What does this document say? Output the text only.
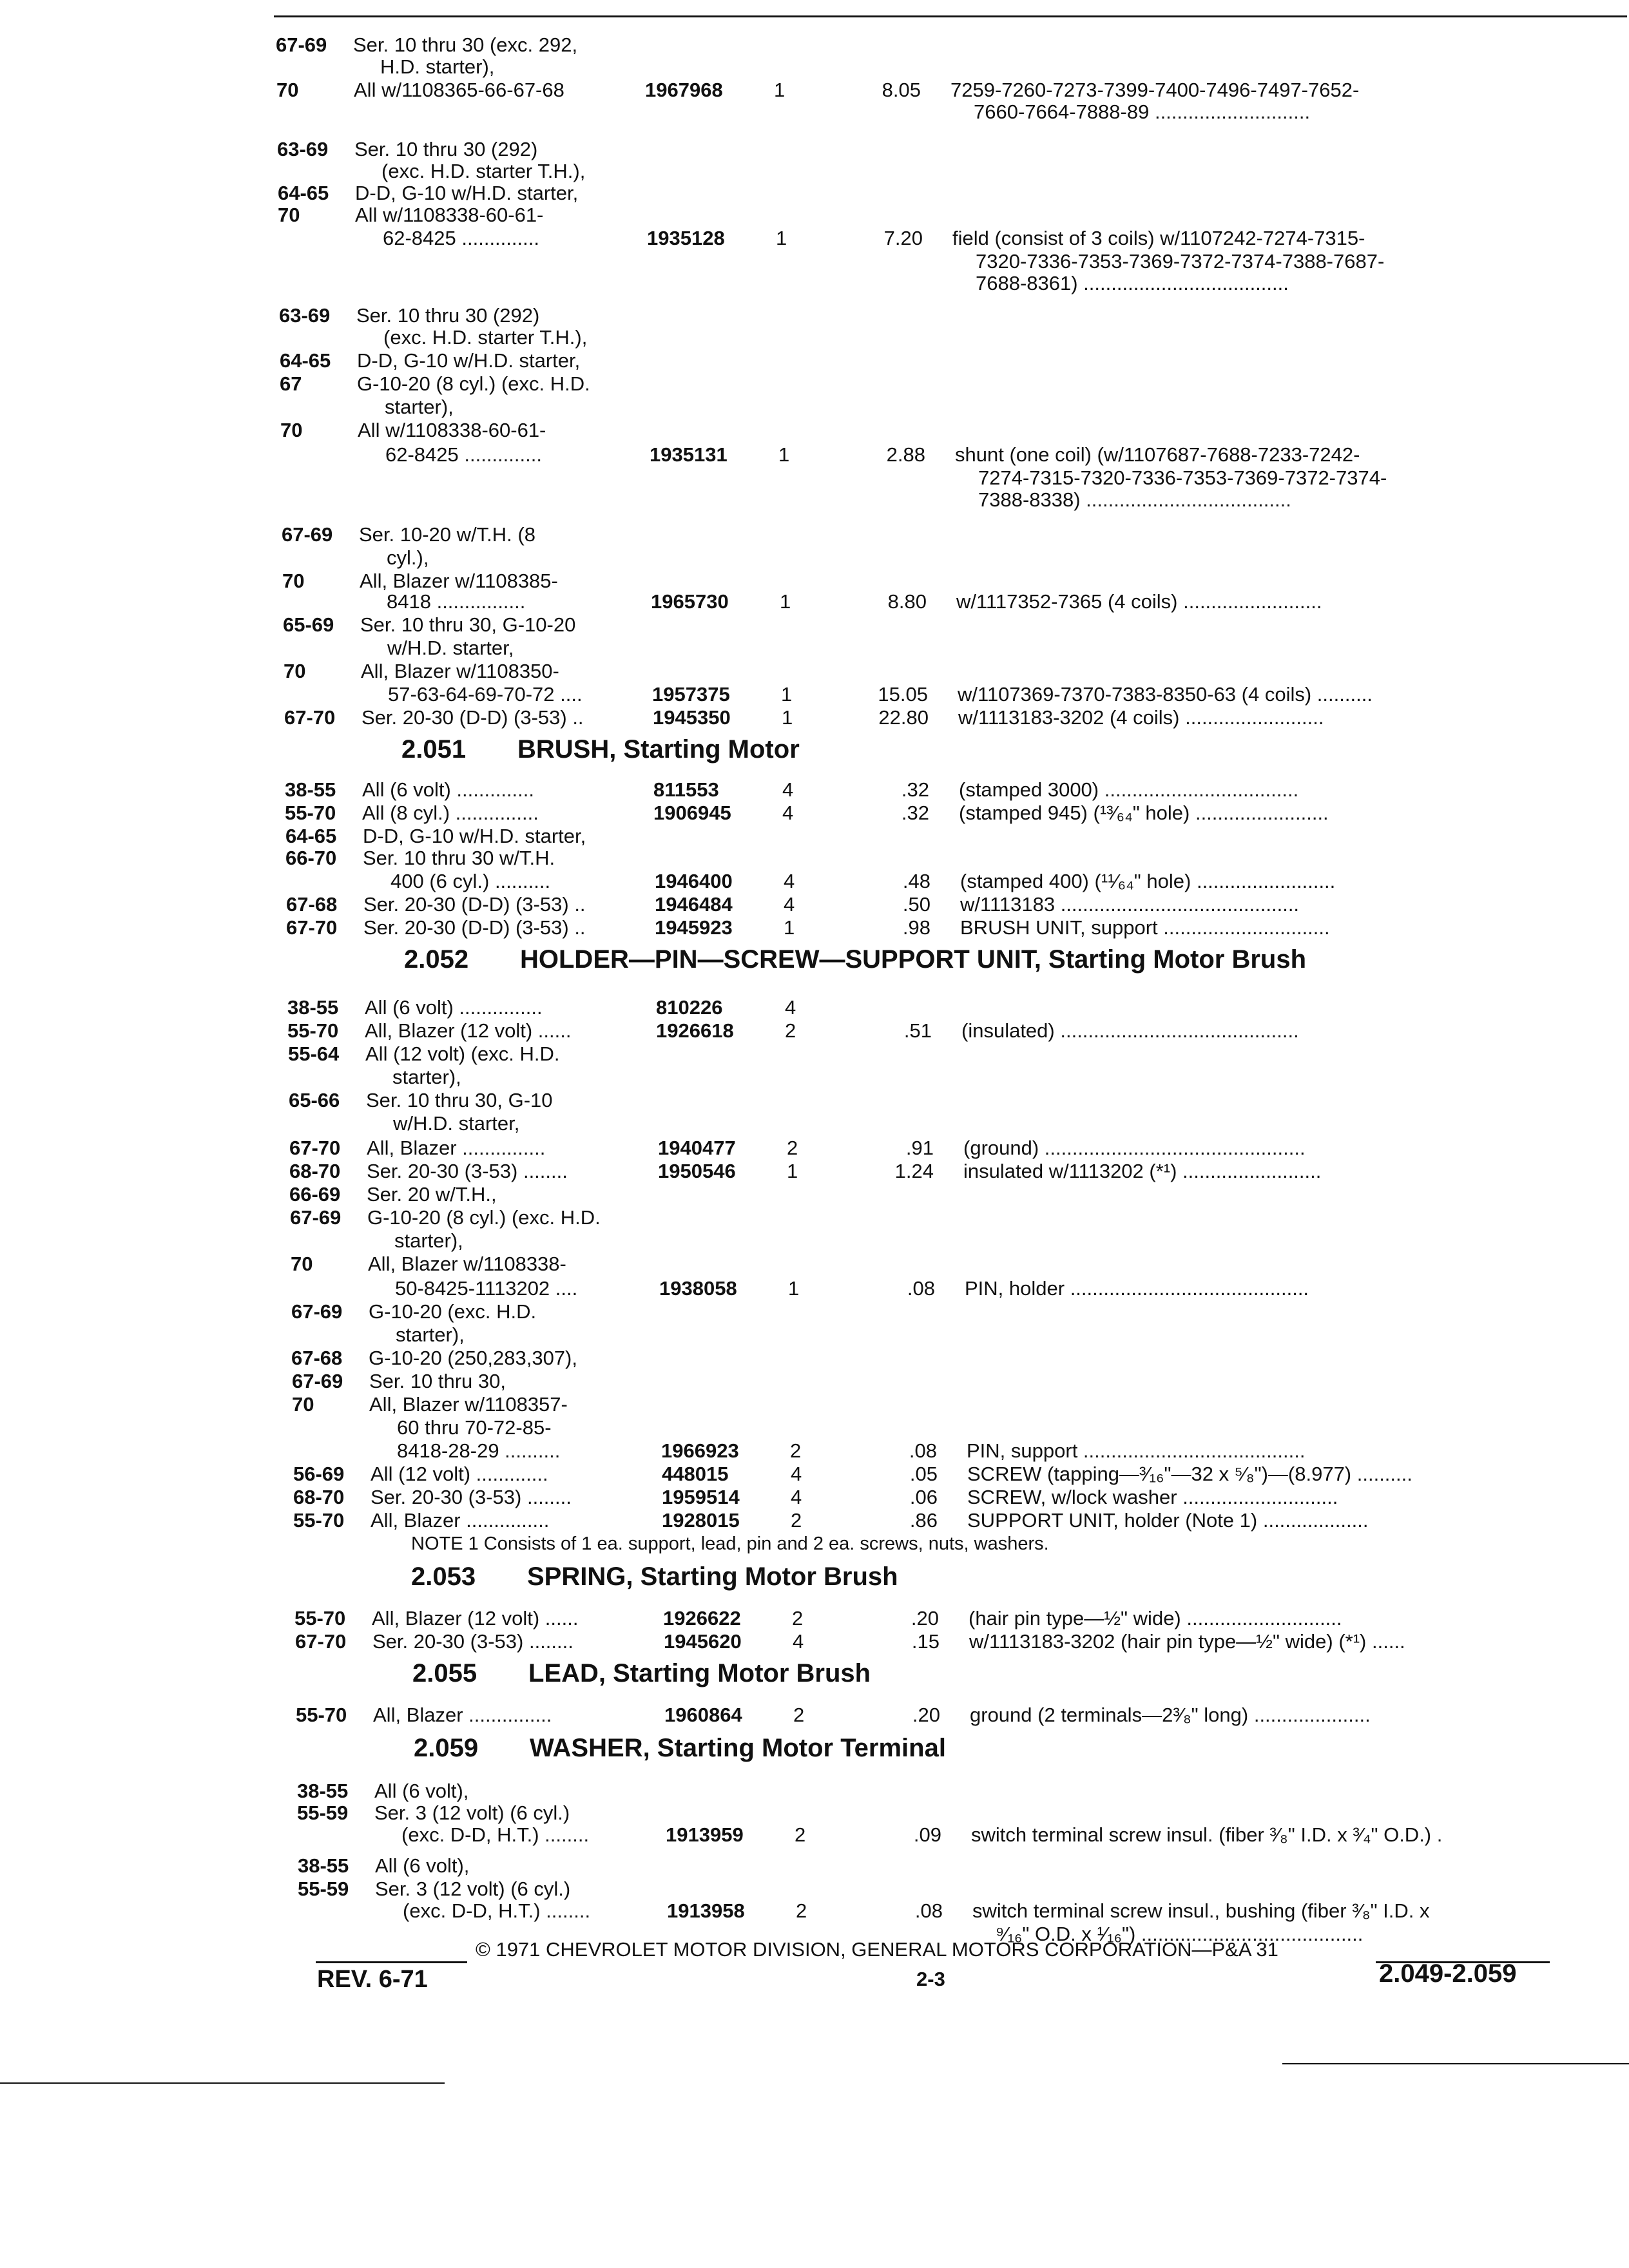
67-69 Ser. 10 thru 30 (exc. 292,
H.D. starter),
70	All w/1108365-66-67-68	1967968	1	8.05 7259-7260-7273-7399-7400-7496-7497-7652-
7660-7664-7888-89 ............................
63-69 Ser. 10 thru 30 (292)
(exc. H.D. starter T.H.),
64-65 D-D, G-10 w/H.D. starter,
70	All w/1108338-60-61-
62-8425 ..............	1935128	1	7.20 field (consist of 3 coils) w/1107242-7274-7315-
7320-7336-7353-7369-7372-7374-7388-7687-
7688-8361) .....................................
63-69 Ser. 10 thru 30 (292)
(exc. H.D. starter T.H.),
64-65 D-D, G-10 w/H.D. starter,
67	G-10-20 (8 cyl.) (exc. H.D.
starter),
70	All w/1108338-60-61-
62-8425 ..............	1935131	1	2.88 shunt (one coil) (w/1107687-7688-7233-7242-
7274-7315-7320-7336-7353-7369-7372-7374-
7388-8338) .....................................
67-69 Ser. 10-20 w/T.H. (8
cyl.),
70	All, Blazer w/1108385-
8418 ................	1965730	1	8.80 w/1117352-7365 (4 coils) .........................
65-69 Ser. 10 thru 30, G-10-20
w/H.D. starter,
70	All, Blazer w/1108350-
57-63-64-69-70-72 ....	1957375	1	15.05 w/1107369-7370-7383-8350-63 (4 coils) ..........
67-70 Ser. 20-30 (D-D) (3-53) ..	1945350	1	22.80 w/1113183-3202 (4 coils) .........................
2.051 BRUSH, Starting Motor
38-55 All (6 volt) ..............	811553	4	.32 (stamped 3000) ...................................
55-70 All (8 cyl.) ...............	1906945	4	.32 (stamped 945) (¹³⁄₆₄" hole) ........................
64-65 D-D, G-10 w/H.D. starter,
66-70 Ser. 10 thru 30 w/T.H.
400 (6 cyl.) ..........	1946400	4	.48 (stamped 400) (¹¹⁄₆₄" hole) .........................
67-68 Ser. 20-30 (D-D) (3-53) ..	1946484	4	.50 w/1113183 ...........................................
67-70 Ser. 20-30 (D-D) (3-53) ..	1945923	1	.98 BRUSH UNIT, support ..............................
2.052 HOLDER—PIN—SCREW—SUPPORT UNIT, Starting Motor Brush
38-55 All (6 volt) ...............	810226	4
55-70 All, Blazer (12 volt) ......	1926618	2	.51 (insulated) ...........................................
55-64 All (12 volt) (exc. H.D.
starter),
65-66 Ser. 10 thru 30, G-10
w/H.D. starter,
67-70 All, Blazer ...............	1940477	2	.91 (ground) ...............................................
68-70 Ser. 20-30 (3-53) ........	1950546	1	1.24 insulated w/1113202 (*¹) .........................
66-69 Ser. 20 w/T.H.,
67-69 G-10-20 (8 cyl.) (exc. H.D.
starter),
70	All, Blazer w/1108338-
50-8425-1113202 ....	1938058	1	.08 PIN, holder ...........................................
67-69 G-10-20 (exc. H.D.
starter),
67-68 G-10-20 (250,283,307),
67-69 Ser. 10 thru 30,
70	All, Blazer w/1108357-
60 thru 70-72-85-
8418-28-29 ..........	1966923	2	.08 PIN, support ........................................
56-69 All (12 volt) .............	448015	4	.05 SCREW (tapping—³⁄₁₆"—32 x ⁵⁄₈")—(8.977) ..........
68-70 Ser. 20-30 (3-53) ........	1959514	4	.06 SCREW, w/lock washer ............................
55-70 All, Blazer ...............	1928015	2	.86 SUPPORT UNIT, holder (Note 1) ...................
NOTE 1 Consists of 1 ea. support, lead, pin and 2 ea. screws, nuts, washers.
2.053 SPRING, Starting Motor Brush
55-70 All, Blazer (12 volt) ......	1926622	2	.20 (hair pin type—½" wide) ............................
67-70 Ser. 20-30 (3-53) ........	1945620	4	.15 w/1113183-3202 (hair pin type—½" wide) (*¹) ......
2.055 LEAD, Starting Motor Brush
55-70 All, Blazer ...............	1960864	2	.20 ground (2 terminals—2³⁄₈" long) .....................
2.059 WASHER, Starting Motor Terminal
38-55 All (6 volt),
55-59 Ser. 3 (12 volt) (6 cyl.)
(exc. D-D, H.T.) ........	1913959	2	.09 switch terminal screw insul. (fiber ³⁄₈" I.D. x ³⁄₄" O.D.) .
38-55 All (6 volt),
55-59 Ser. 3 (12 volt) (6 cyl.)
(exc. D-D, H.T.) ........	1913958	2	.08 switch terminal screw insul., bushing (fiber ³⁄₈" I.D. x
⁹⁄₁₆" O.D. x ¹⁄₁₆") ........................................
© 1971 CHEVROLET MOTOR DIVISION, GENERAL MOTORS CORPORATION—P&A 31
REV. 6-71	2-3	2.049-2.059
